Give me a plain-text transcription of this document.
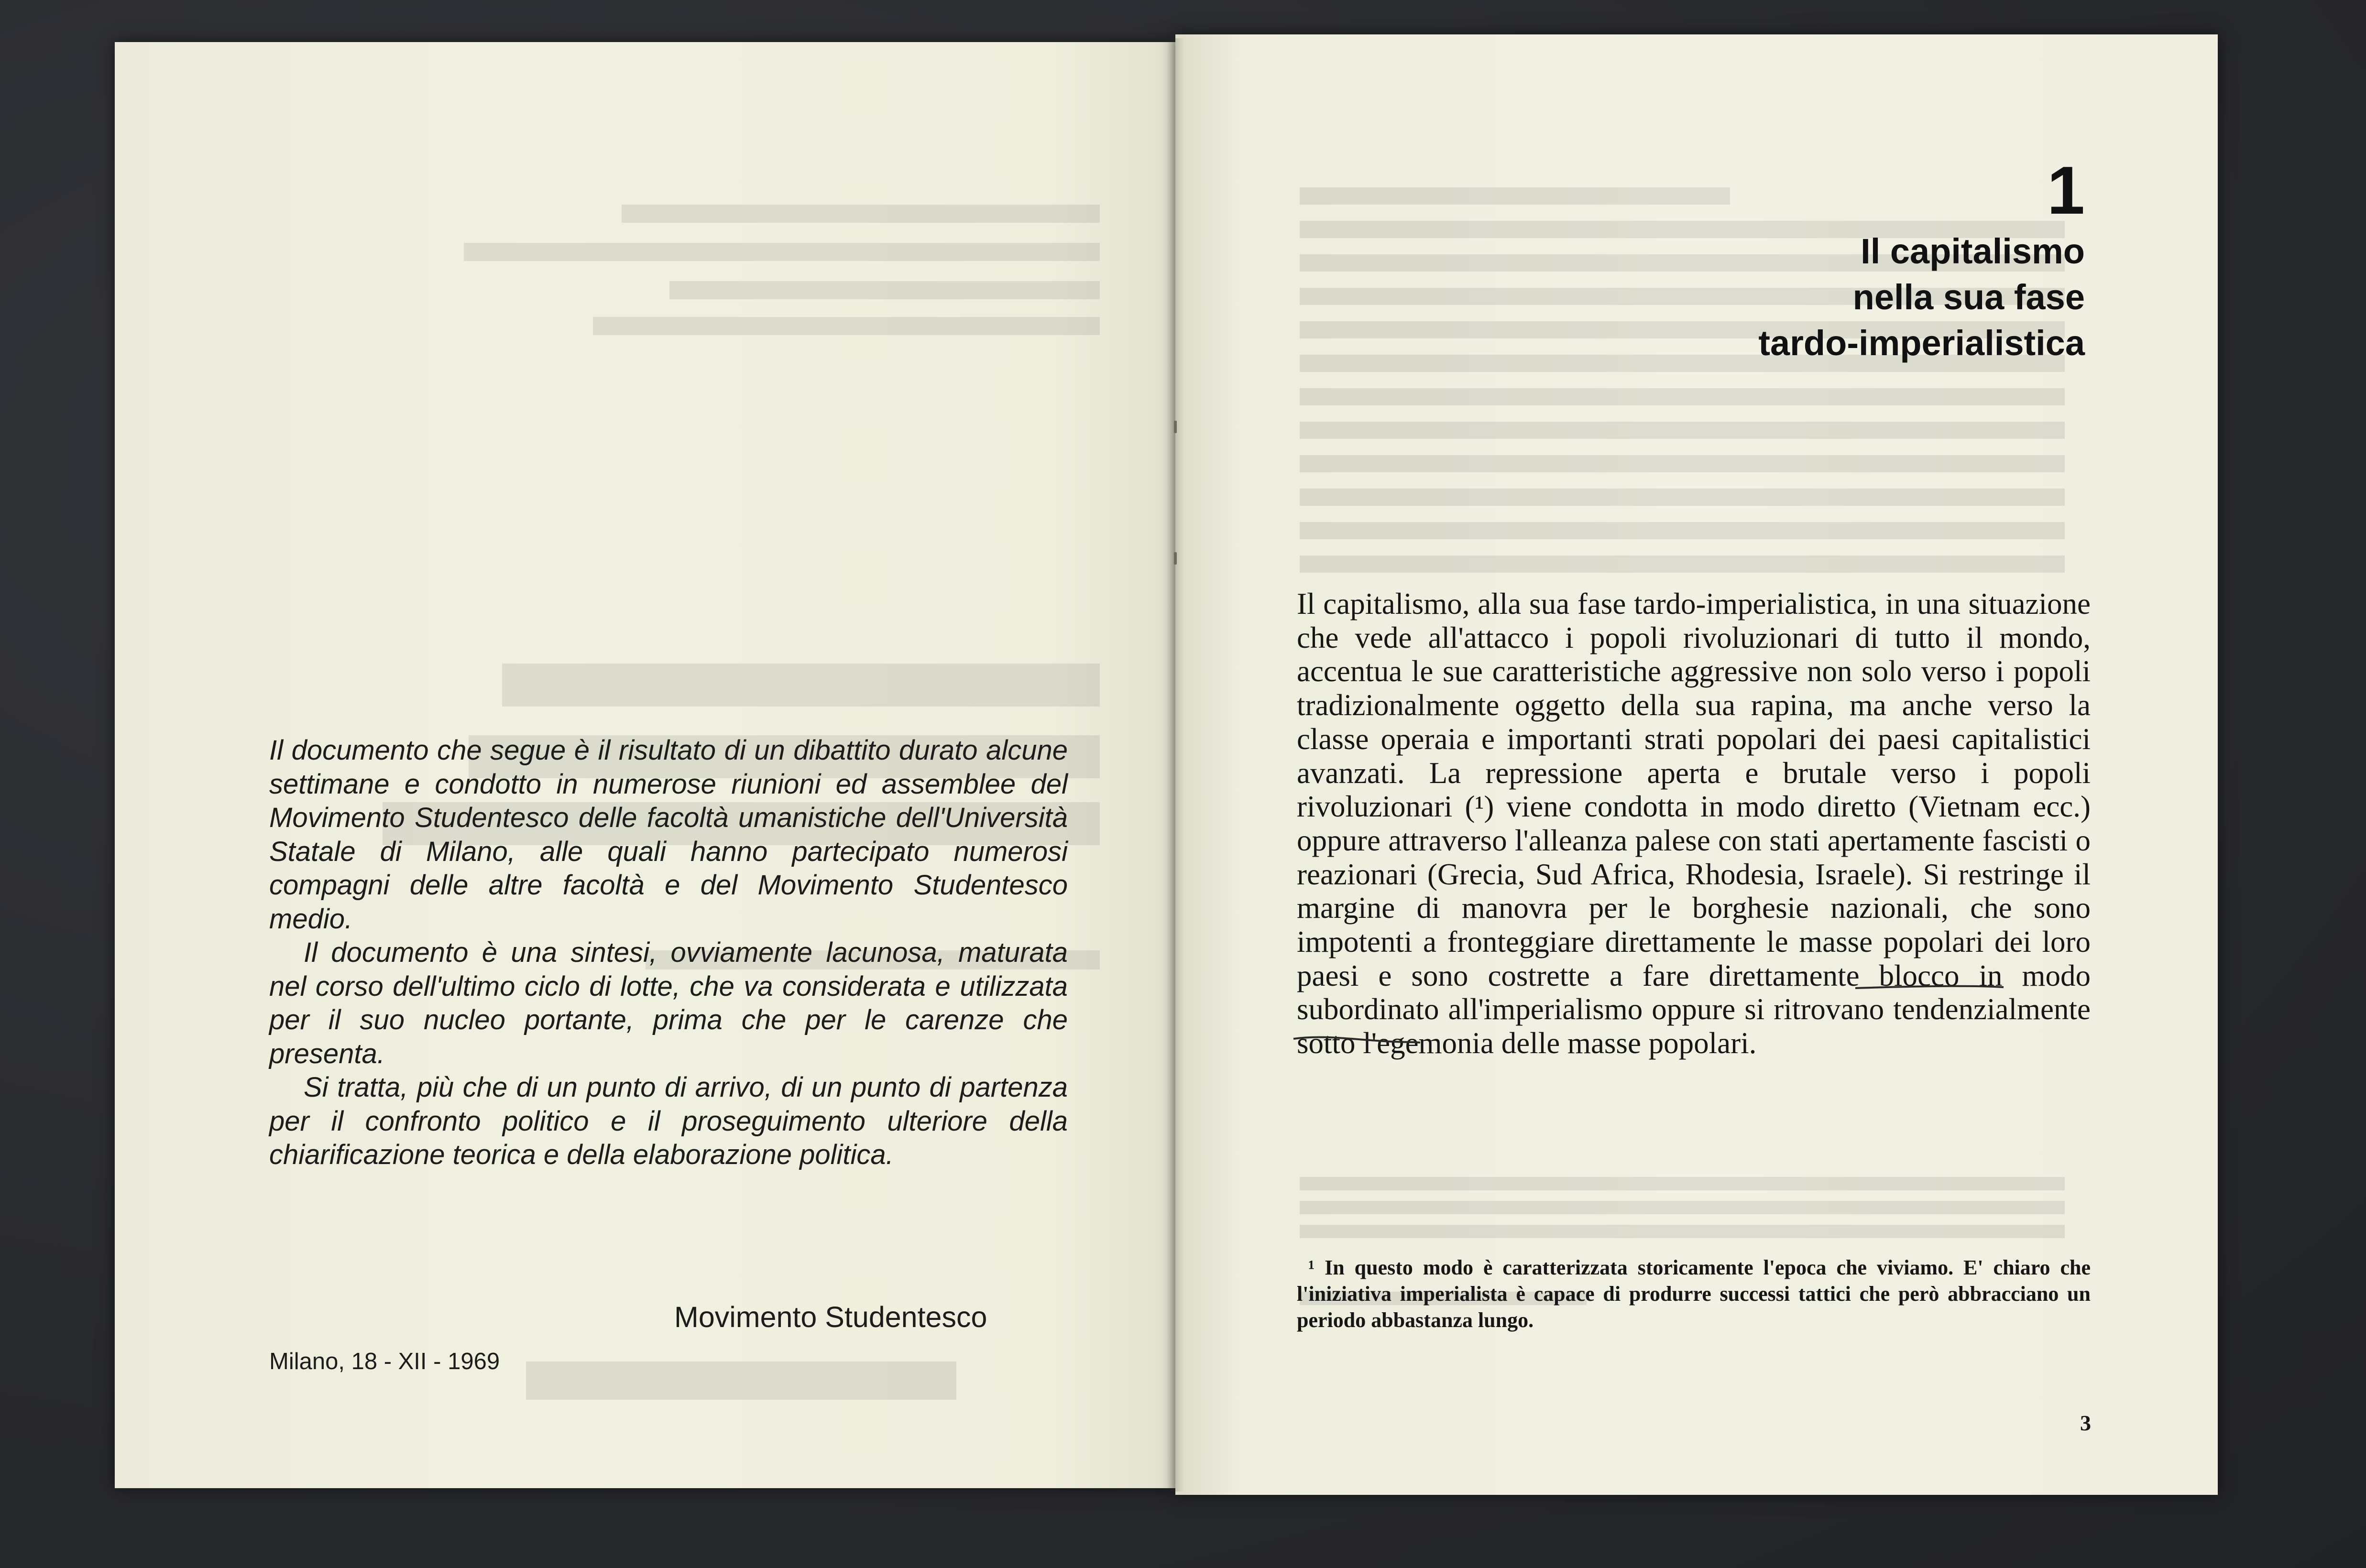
Il documento che segue è il risultato di un dibattito durato alcune settimane e condotto in numerose riunioni ed assemblee del Movimento Studentesco delle facoltà umanistiche dell'Università Statale di Milano, alle quali hanno partecipato numerosi compagni delle altre facoltà e del Movimento Studentesco medio.

Il documento è una sintesi, ovviamente lacunosa, maturata nel corso dell'ultimo ciclo di lotte, che va considerata e utilizzata per il suo nucleo portante, prima che per le carenze che presenta.

Si tratta, più che di un punto di arrivo, di un punto di partenza per il confronto politico e il proseguimento ulteriore della chiarificazione teorica e della elaborazione politica.

Movimento Studentesco
Milano, 18 - XII - 1969
1
Il capitalismo
nella sua fase
tardo-imperialistica

Il capitalismo, alla sua fase tardo-imperialistica, in una situazione che vede all'attacco i popoli rivoluzionari di tutto il mondo, accentua le sue caratteristiche aggressive non solo verso i popoli tradizionalmente oggetto della sua rapina, ma anche verso la classe operaia e importanti strati popolari dei paesi capitalistici avanzati. La repressione aperta e brutale verso i popoli rivoluzionari (¹) viene condotta in modo diretto (Vietnam ecc.) oppure attraverso l'alleanza palese con stati apertamente fascisti o reazionari (Grecia, Sud Africa, Rhodesia, Israele). Si restringe il margine di manovra per le borghesie nazionali, che sono impotenti a fronteggiare direttamente le masse popolari dei loro paesi e sono costrette a fare direttamente blocco in modo subordinato all'imperialismo oppure si ritrovano tendenzialmente sotto l'egemonia delle masse popolari.

¹ In questo modo è caratterizzata storicamente l'epoca che viviamo. E' chiaro che l'iniziativa imperialista è capace di produrre successi tattici che però abbracciano un periodo abbastanza lungo.

3
